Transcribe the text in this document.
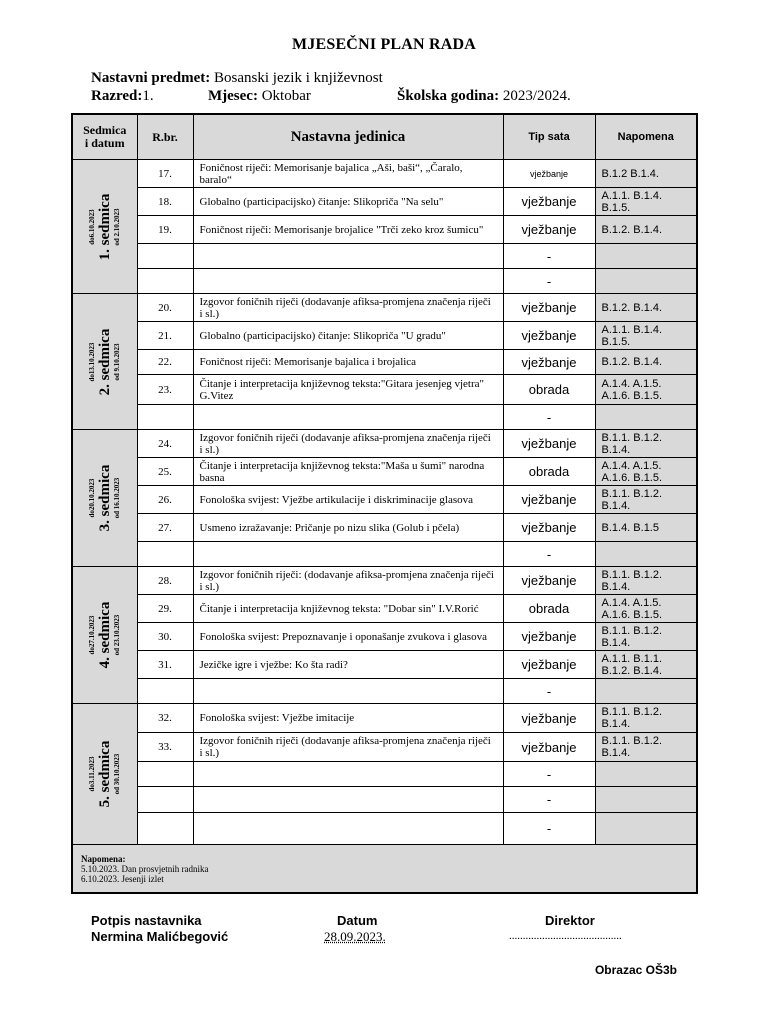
MJESEČNI PLAN RADA
Nastavni predmet: Bosanski jezik i književnost
Razred:1.	Mjesec: Oktobar	Školska godina: 2023/2024.
Sedmica
i datum	R.br.	Nastavna jedinica	Tip sata	Napomena

do6.10.2023 1. sedmica od 2.10.2023	17.	Foničnost riječi: Memorisanje bajalica „Aši, baši“, „Čaralo, baralo“	vježbanje	B.1.2 B.1.4.
	18.	Globalno (participacijsko) čitanje: Slikopriča "Na selu"	vježbanje	A.1.1. B.1.4. B.1.5.
	19.	Foničnost riječi: Memorisanje brojalice "Trči zeko kroz šumicu"	vježbanje	B.1.2. B.1.4.
			-	
			-	

do13.10.2023 2. sedmica od 9.10.2023	20.	Izgovor foničnih riječi (dodavanje afiksa-promjena značenja riječi i sl.)	vježbanje	B.1.2. B.1.4.
	21.	Globalno (participacijsko) čitanje: Slikopriča "U gradu"	vježbanje	A.1.1. B.1.4. B.1.5.
	22.	Foničnost riječi: Memorisanje bajalica i brojalica	vježbanje	B.1.2. B.1.4.
	23.	Čitanje i interpretacija književnog teksta:"Gitara jesenjeg vjetra" G.Vitez	obrada	A.1.4. A.1.5. A.1.6. B.1.5.
			-	

do20.10.2023 3. sedmica od 16.10.2023	24.	Izgovor foničnih riječi (dodavanje afiksa-promjena značenja riječi i sl.)	vježbanje	B.1.1. B.1.2. B.1.4.
	25.	Čitanje i interpretacija književnog teksta:"Maša u šumi" narodna basna	obrada	A.1.4. A.1.5. A.1.6. B.1.5.
	26.	Fonološka svijest: Vježbe artikulacije i diskriminacije glasova	vježbanje	B.1.1. B.1.2. B.1.4.
	27.	Usmeno izražavanje: Pričanje po nizu slika (Golub i pčela)	vježbanje	B.1.4. B.1.5
			-	

do27.10.2023 4. sedmica od 23.10.2023	28.	Izgovor foničnih riječi: (dodavanje afiksa-promjena značenja riječi i sl.)	vježbanje	B.1.1. B.1.2. B.1.4.
	29.	Čitanje i interpretacija književnog teksta: "Dobar sin" I.V.Rorić	obrada	A.1.4. A.1.5. A.1.6. B.1.5.
	30.	Fonološka svijest: Prepoznavanje i oponašanje zvukova i glasova	vježbanje	B.1.1. B.1.2. B.1.4.
	31.	Jezičke igre i vježbe: Ko šta radi?	vježbanje	A.1.1. B.1.1. B.1.2. B.1.4.
			-	

do3.11.2023 5. sedmica od 30.10.2023	32.	Fonološka svijest: Vježbe imitacije	vježbanje	B.1.1. B.1.2. B.1.4.
	33.	Izgovor foničnih riječi (dodavanje afiksa-promjena značenja riječi i sl.)	vježbanje	B.1.1. B.1.2. B.1.4.
			-	
			-	
			-	

Napomena:
5.10.2023. Dan prosvjetnih radnika
6.10.2023. Jesenji izlet				
Potpis nastavnika
Nermina Malićbegović
Datum
28.09.2023.
Direktor
.........................................
Obrazac OŠ3b
